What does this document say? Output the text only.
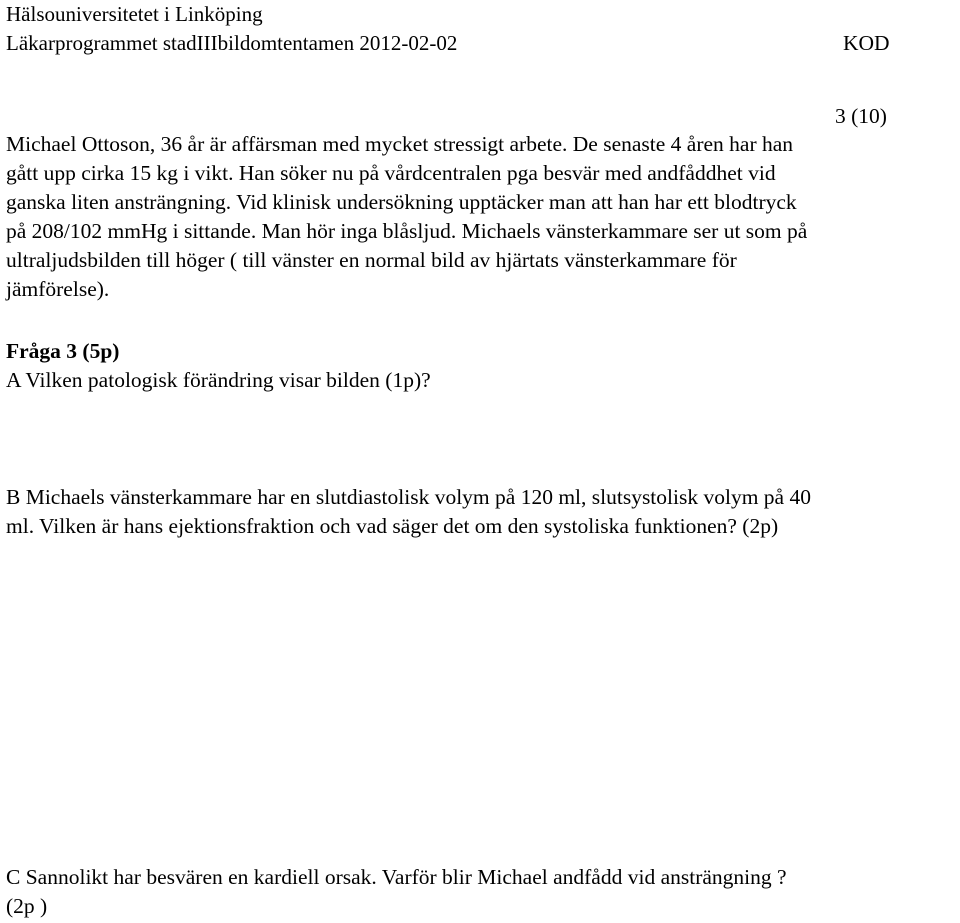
Hälsouniversitetet i Linköping
Läkarprogrammet stadIIIbildomtentamen 2012-02-02	KOD
3 (10)
Michael Ottoson, 36 år är affärsman med mycket stressigt arbete. De senaste 4 åren har han
gått upp cirka 15 kg i vikt. Han söker nu på vårdcentralen pga besvär med andfåddhet vid
ganska liten ansträngning. Vid klinisk undersökning upptäcker man att han har ett blodtryck
på 208/102 mmHg i sittande. Man hör inga blåsljud. Michaels vänsterkammare ser ut som på
ultraljudsbilden till höger ( till vänster en normal bild av hjärtats vänsterkammare för
jämförelse).
Fråga 3 (5p)
A Vilken patologisk förändring visar bilden (1p)?
B Michaels vänsterkammare har en slutdiastolisk volym på 120 ml, slutsystolisk volym på 40
ml. Vilken är hans ejektionsfraktion och vad säger det om den systoliska funktionen? (2p)
C Sannolikt har besvären en kardiell orsak. Varför blir Michael andfådd vid ansträngning ?
(2p )
